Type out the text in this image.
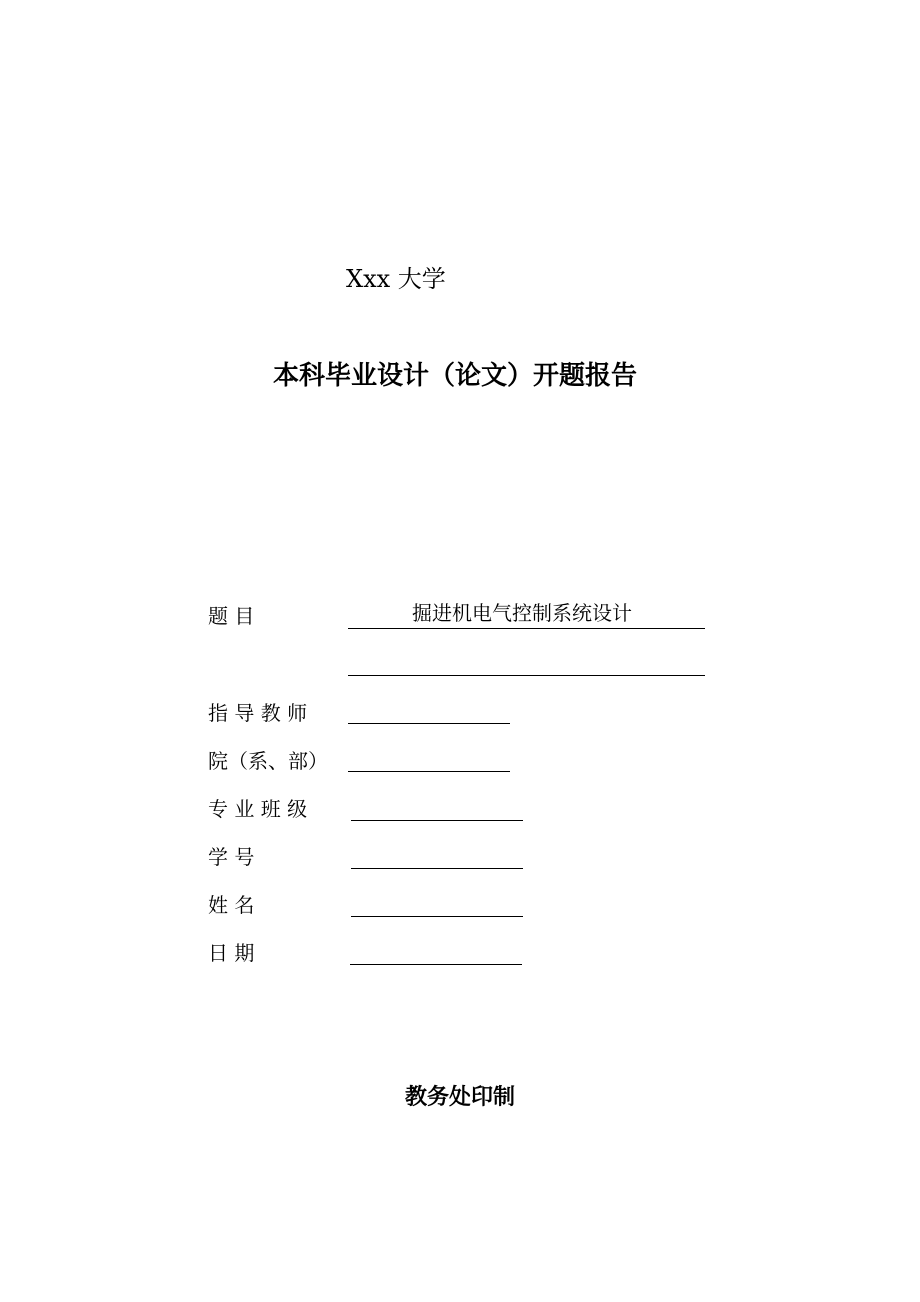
Xxx 大学
本科毕业设计（论文）开题报告
题 目	掘进机电气控制系统设计
指 导 教 师
院（系、部）
专 业 班 级
学 号
姓 名
日 期
教务处印制
